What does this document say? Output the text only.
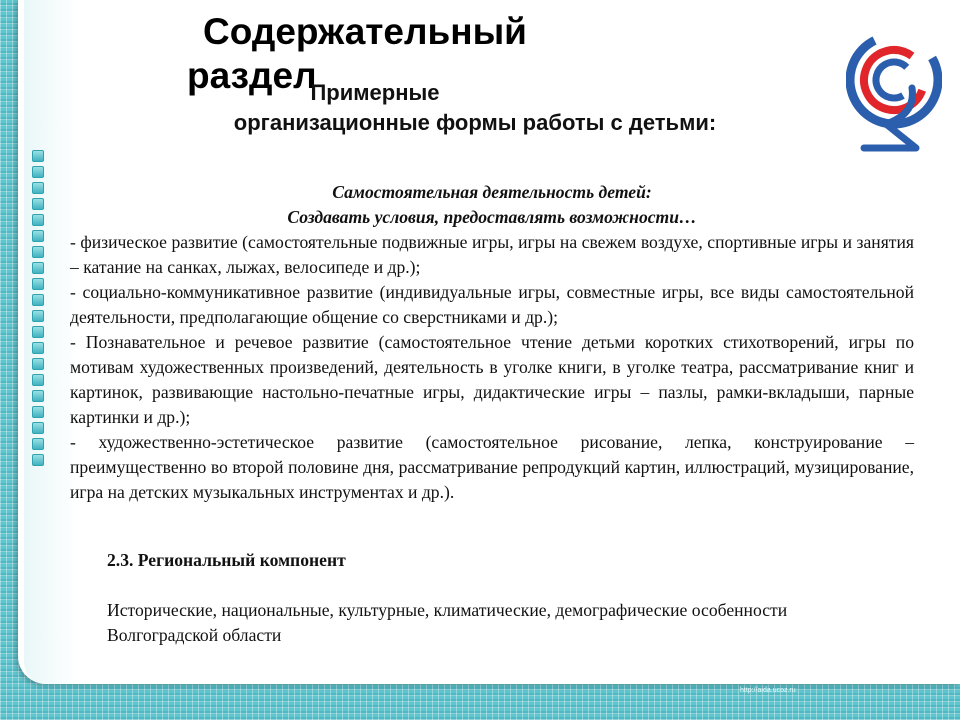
Содержательный
раздел
Примерные
организационные формы работы с детьми:
Самостоятельная деятельность детей:
Создавать условия, предоставлять возможности…
- физическое развитие (самостоятельные подвижные игры, игры на свежем воздухе, спортивные игры и занятия – катание на санках, лыжах, велосипеде и др.);
- социально-коммуникативное развитие (индивидуальные игры, совместные игры, все виды самостоятельной деятельности, предполагающие общение со сверстниками и др.);
- Познавательное и речевое развитие (самостоятельное чтение детьми коротких стихотворений, игры по мотивам художественных произведений, деятельность в уголке книги, в уголке театра, рассматривание книг и картинок, развивающие настольно-печатные игры, дидактические игры – пазлы, рамки-вкладыши, парные картинки и др.);
- художественно-эстетическое развитие (самостоятельное рисование, лепка, конструирование – преимущественно во второй половине дня, рассматривание репродукций картин, иллюстраций, музицирование, игра на детских музыкальных инструментах и др.).
2.3. Региональный компонент
Исторические, национальные, культурные, климатические, демографические особенности Волгоградской области
http://aida.ucoz.ru
